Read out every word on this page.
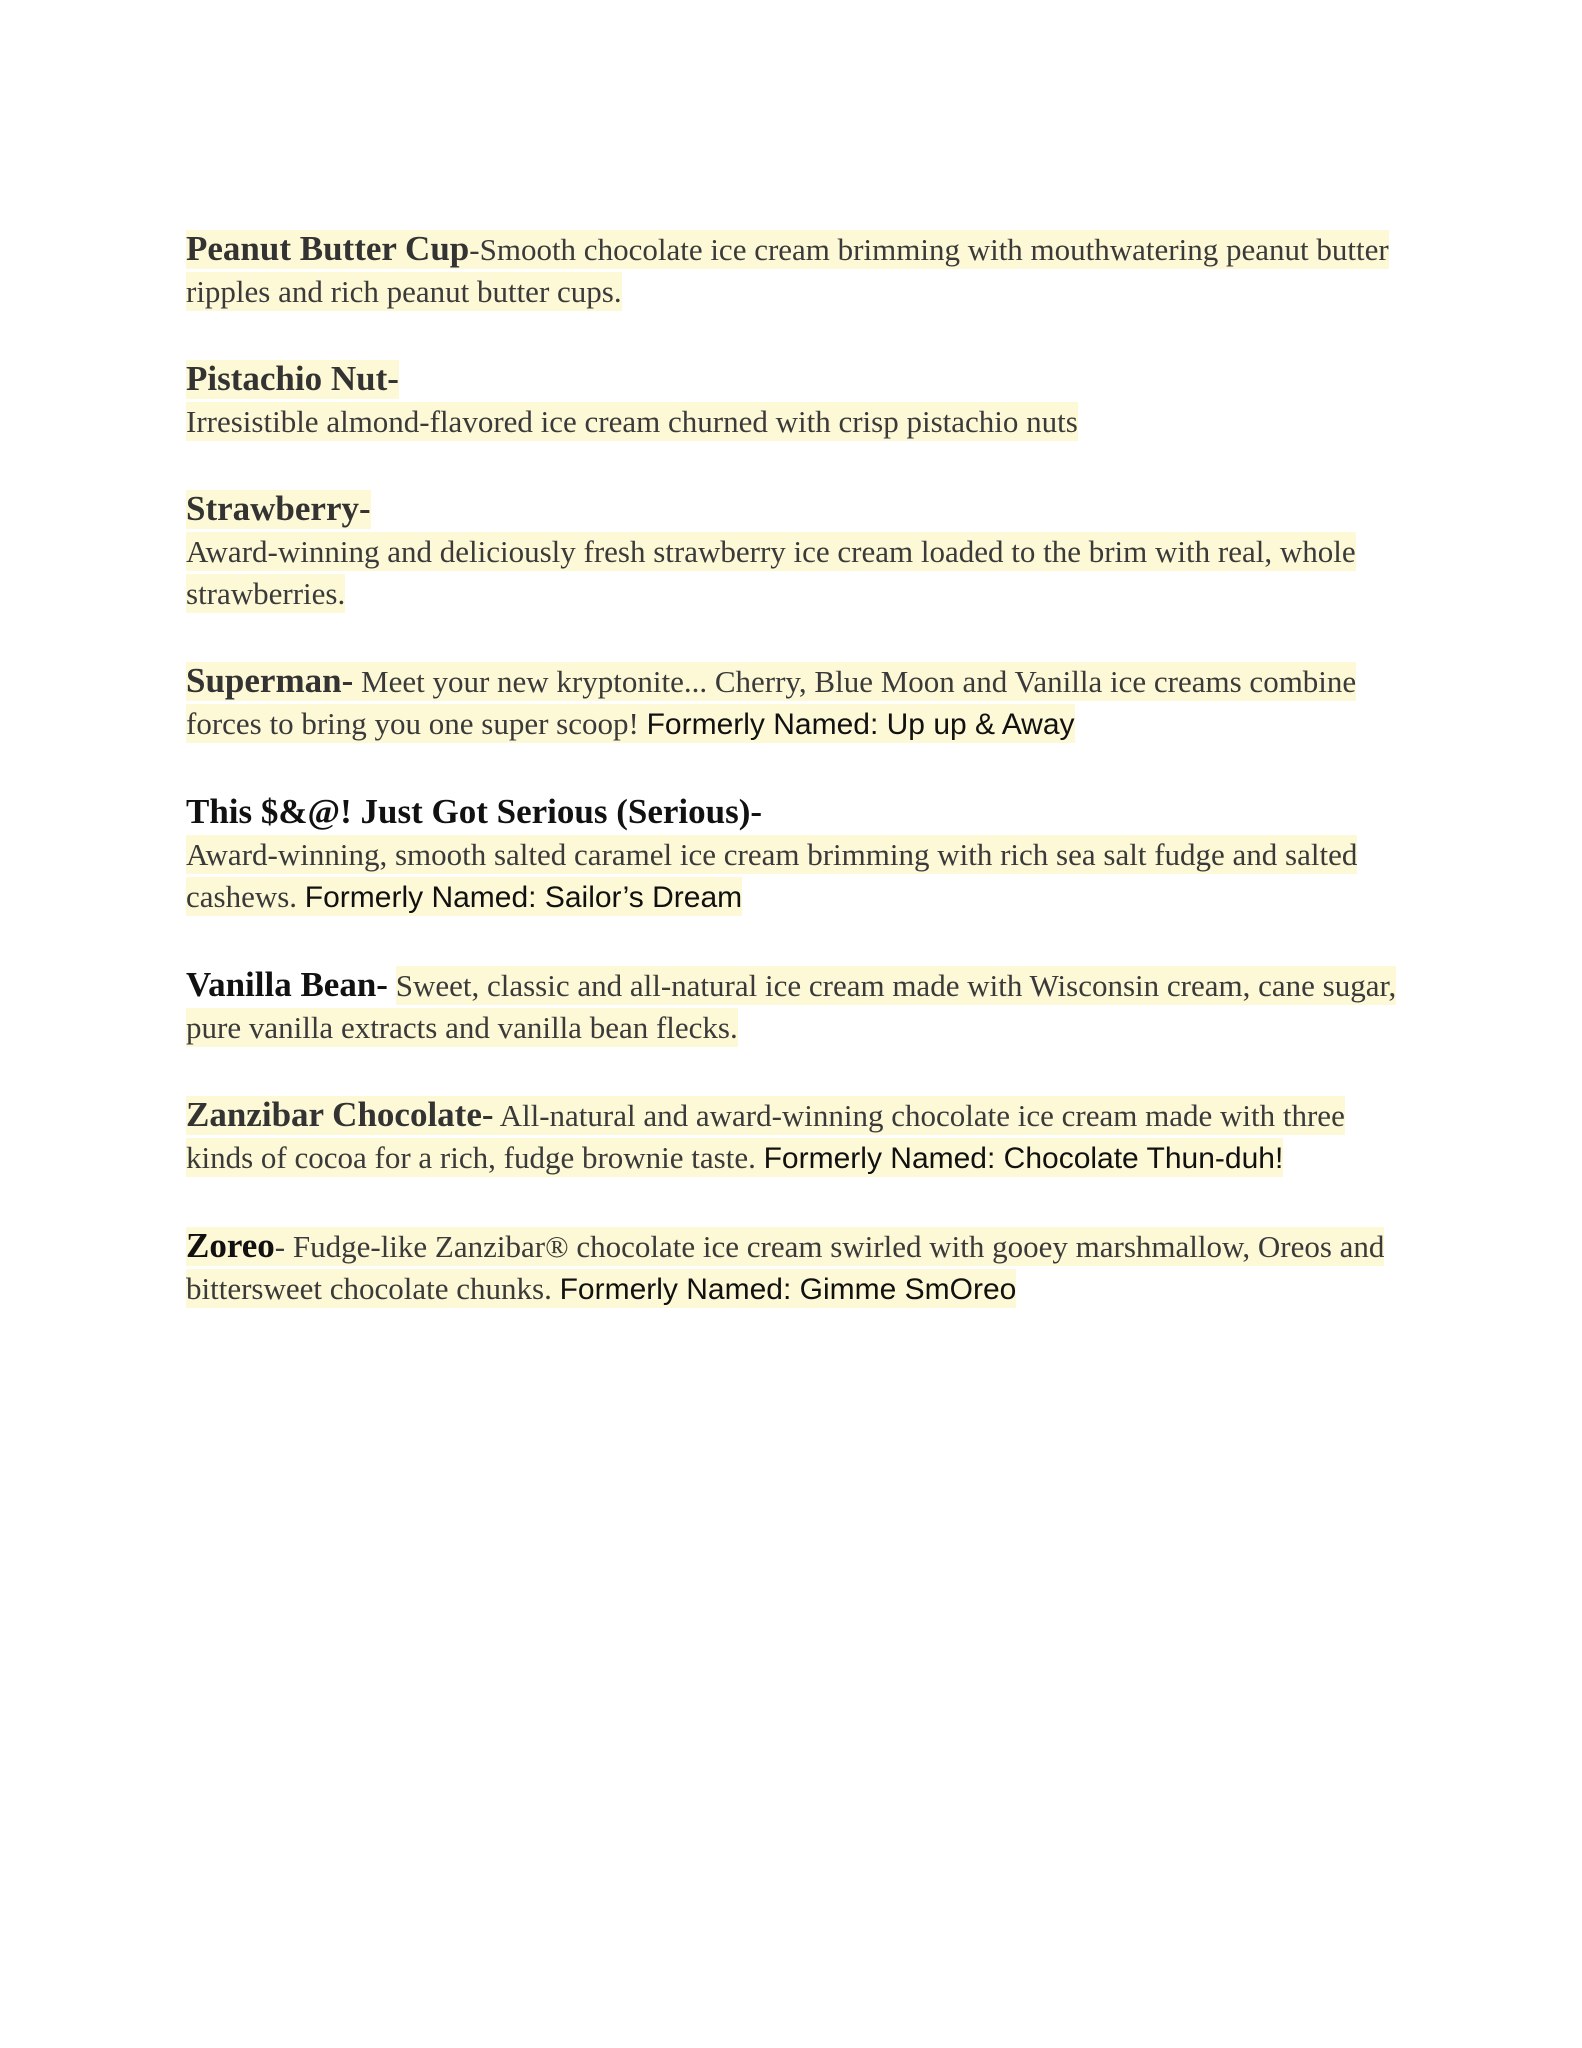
Peanut Butter Cup-Smooth chocolate ice cream brimming with mouthwatering peanut butter ripples and rich peanut butter cups.

Pistachio Nut-
Irresistible almond-flavored ice cream churned with crisp pistachio nuts

Strawberry-
Award-winning and deliciously fresh strawberry ice cream loaded to the brim with real, whole strawberries.

Superman- Meet your new kryptonite... Cherry, Blue Moon and Vanilla ice creams combine forces to bring you one super scoop! Formerly Named: Up up & Away

This $&@! Just Got Serious (Serious)-
Award-winning, smooth salted caramel ice cream brimming with rich sea salt fudge and salted cashews. Formerly Named: Sailor’s Dream

Vanilla Bean- Sweet, classic and all-natural ice cream made with Wisconsin cream, cane sugar, pure vanilla extracts and vanilla bean flecks.

Zanzibar Chocolate- All-natural and award-winning chocolate ice cream made with three kinds of cocoa for a rich, fudge brownie taste. Formerly Named: Chocolate Thun-duh!

Zoreo- Fudge-like Zanzibar® chocolate ice cream swirled with gooey marshmallow, Oreos and bittersweet chocolate chunks. Formerly Named: Gimme SmOreo
